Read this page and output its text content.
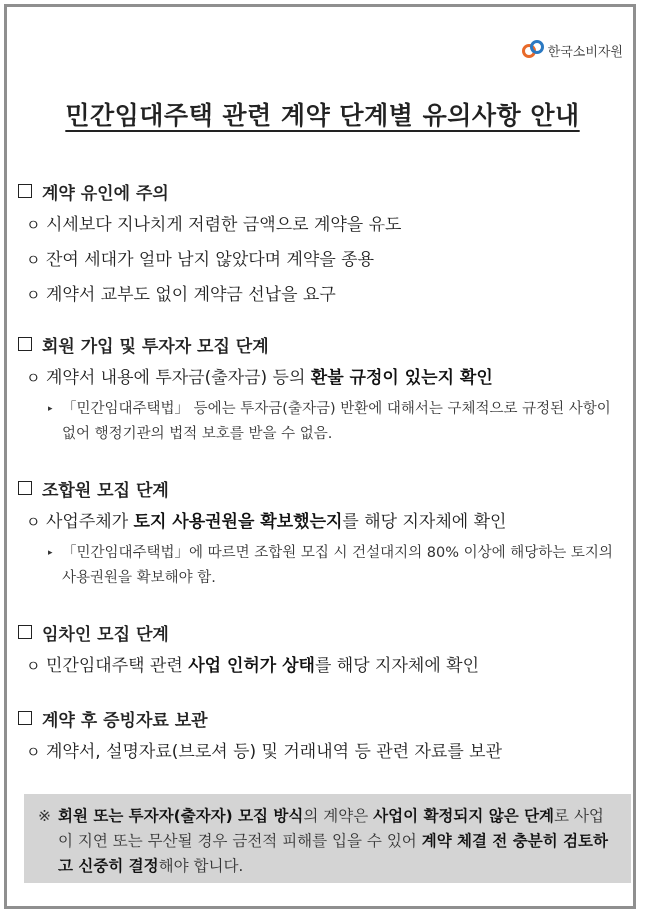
한국소비자원
민간임대주택 관련 계약 단계별 유의사항 안내
계약 유인에 주의
ㅇ 시세보다 지나치게 저렴한 금액으로 계약을 유도
ㅇ 잔여 세대가 얼마 남지 않았다며 계약을 종용
ㅇ 계약서 교부도 없이 계약금 선납을 요구
회원 가입 및 투자자 모집 단계
ㅇ 계약서 내용에 투자금(출자금) 등의 환불 규정이 있는지 확인
▸ 「민간임대주택법」 등에는 투자금(출자금) 반환에 대해서는 구체적으로 규정된 사항이 없어 행정기관의 법적 보호를 받을 수 없음.
조합원 모집 단계
ㅇ 사업주체가 토지 사용권원을 확보했는지를 해당 지자체에 확인
▸ 「민간임대주택법」에 따르면 조합원 모집 시 건설대지의 80% 이상에 해당하는 토지의 사용권원을 확보해야 함.
임차인 모집 단계
ㅇ 민간임대주택 관련 사업 인허가 상태를 해당 지자체에 확인
계약 후 증빙자료 보관
ㅇ 계약서, 설명자료(브로셔 등) 및 거래내역 등 관련 자료를 보관
※ 회원 또는 투자자(출자자) 모집 방식의 계약은 사업이 확정되지 않은 단계로 사업이 지연 또는 무산될 경우 금전적 피해를 입을 수 있어 계약 체결 전 충분히 검토하고 신중히 결정해야 합니다.
